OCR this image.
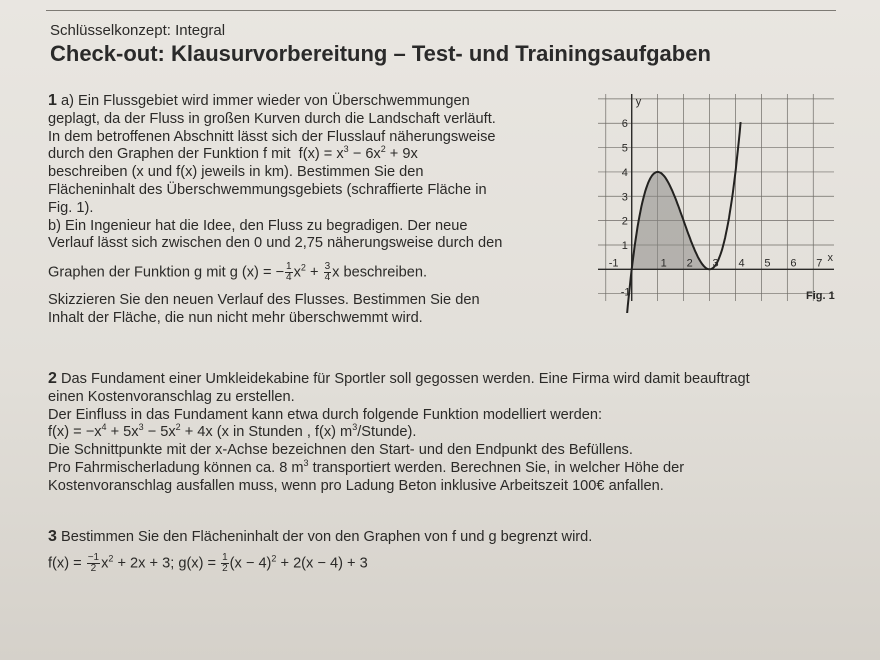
Schlüsselkonzept: Integral
Check-out: Klausurvorbereitung – Test- und Trainingsaufgaben

1 a) Ein Flussgebiet wird immer wieder von Überschwemmungen

geplagt, da der Fluss in großen Kurven durch die Landschaft verläuft.

In dem betroffenen Abschnitt lässt sich der Flusslauf näherungsweise

durch den Graphen der Funktion f mit $f(x) = x^3 - 6x^2 + 9x$

beschreiben (x und f(x) jeweils in km). Bestimmen Sie den

Flächeninhalt des Überschwemmungsgebiets (schraffierte Fläche in

Fig. 1).

b) Ein Ingenieur hat die Idee, den Fluss zu begradigen. Der neue

Verlauf lässt sich zwischen den 0 und 2,75 näherungsweise durch den

Graphen der Funktion g mit g (x) = − $\frac{1}{4} x^2 + \frac{3}{4}$ x beschreiben.

Skizzieren Sie den neuen Verlauf des Flusses. Bestimmen Sie den

Inhalt der Fläche, die nun nicht mehr überschwemmt wird.

-1	1 2 3 4 5 6 7
1
2
3
4
5
6
-1
y
x
Fig. 1

2 Das Fundament einer Umkleidekabine für Sportler soll gegossen werden. Eine Firma wird damit beauftragt

einen Kostenvoranschlag zu erstellen.

Der Einfluss in das Fundament kann etwa durch folgende Funktion modelliert werden:

$f(x) = -x^4 + 5x^3 - 5x^2 + 4x$ (x in Stunden , f(x) $m^3/Stunde$).

Die Schnittpunkte mit der x-Achse bezeichnen den Start- und den Endpunkt des Befüllens.

Pro Fahrmischerladung können ca. 8 $m^3$ transportiert werden. Berechnen Sie, in welcher Höhe der

Kostenvoranschlag ausfallen muss, wenn pro Ladung Beton inklusive Arbeitszeit 100€ anfallen.

3 Bestimmen Sie den Flächeninhalt der von den Graphen von f und g begrenzt wird.

$f(x) = \frac{-1}{2} x^2 + 2x + 3$; $g(x) = \frac{1}{2} (x - 4)^2 + 2(x - 4) + 3$
